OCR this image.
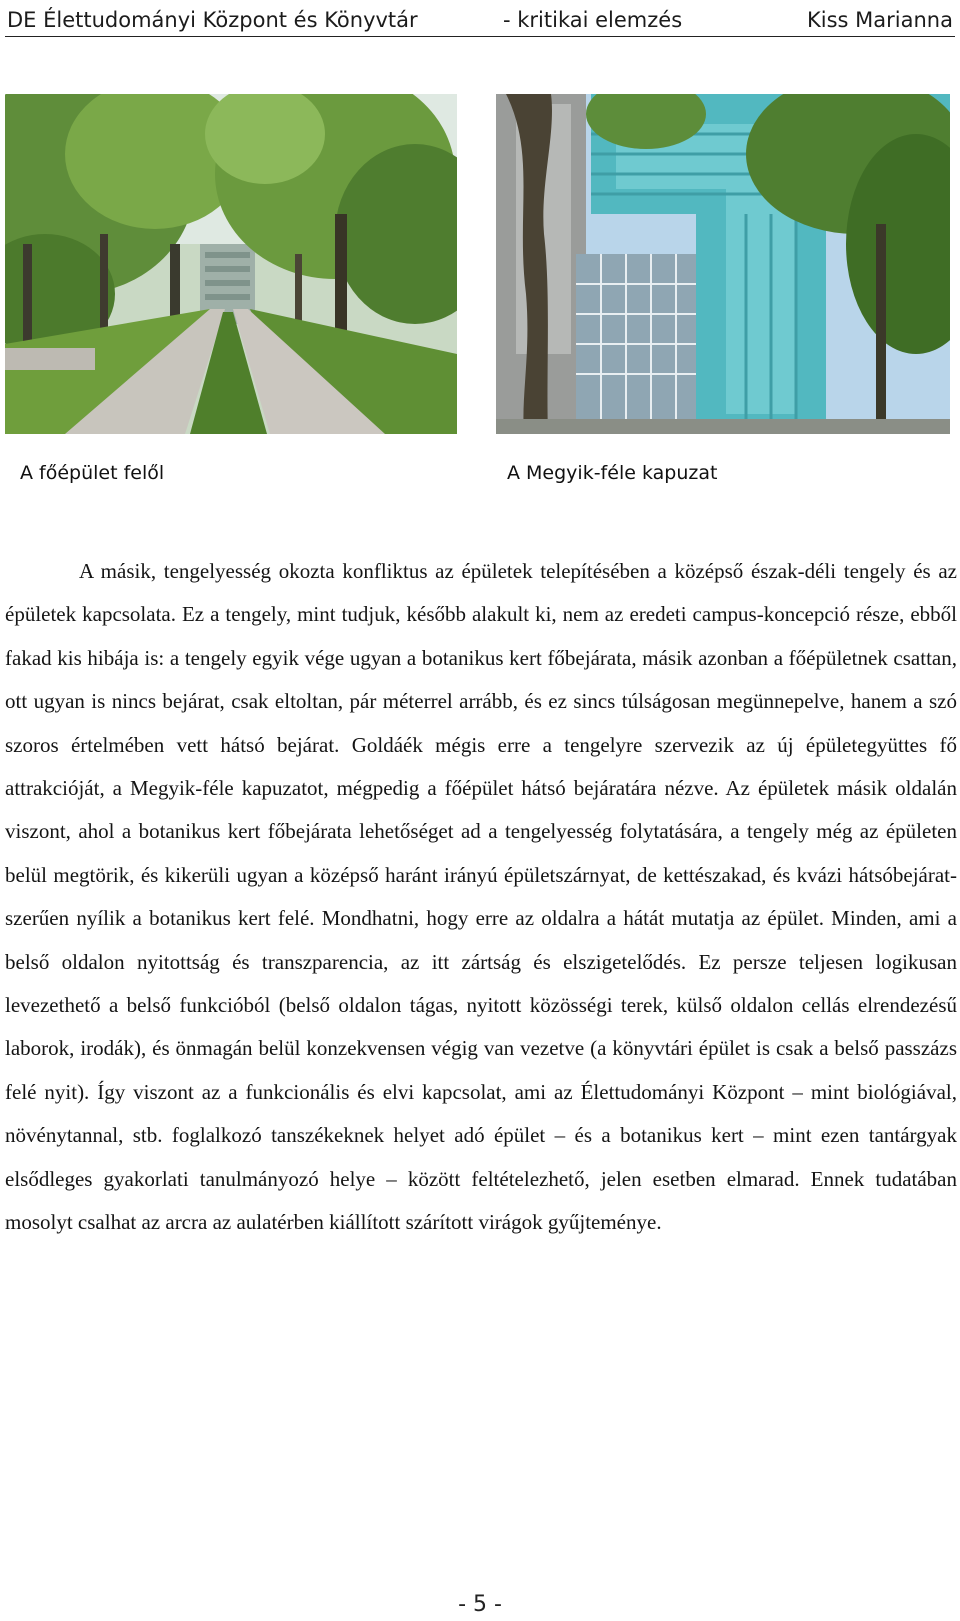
DE Élettudományi Központ és Könyvtár	- kritikai elemzés	Kiss Marianna
A főépület felől	A Megyik-féle kapuzat

A másik, tengelyesség okozta konfliktus az épületek telepítésében a középső észak-déli tengely és az épületek kapcsolata. Ez a tengely, mint tudjuk, később alakult ki, nem az eredeti campus-koncepció része, ebből fakad kis hibája is: a tengely egyik vége ugyan a botanikus kert főbejárata, másik azonban a főépületnek csattan, ott ugyan is nincs bejárat, csak eltoltan, pár méterrel arrább, és ez sincs túlságosan megünnepelve, hanem a szó szoros értelmében vett hátsó bejárat. Goldáék mégis erre a tengelyre szervezik az új épületegyüttes fő attrakcióját, a Megyik-féle kapuzatot, mégpedig a főépület hátsó bejáratára nézve. Az épületek másik oldalán viszont, ahol a botanikus kert főbejárata lehetőséget ad a tengelyesség folytatására, a tengely még az épületen belül megtörik, és kikerüli ugyan a középső haránt irányú épületszárnyat, de kettészakad, és kvázi hátsóbejárat-szerűen nyílik a botanikus kert felé. Mondhatni, hogy erre az oldalra a hátát mutatja az épület. Minden, ami a belső oldalon nyitottság és transzparencia, az itt zártság és elszigetelődés. Ez persze teljesen logikusan levezethető a belső funkcióból (belső oldalon tágas, nyitott közösségi terek, külső oldalon cellás elrendezésű laborok, irodák), és önmagán belül konzekvensen végig van vezetve (a könyvtári épület is csak a belső passzázs felé nyit). Így viszont az a funkcionális és elvi kapcsolat, ami az Élettudományi Központ – mint biológiával, növénytannal, stb. foglalkozó tanszékeknek helyet adó épület – és a botanikus kert – mint ezen tantárgyak elsődleges gyakorlati tanulmányozó helye – között feltételezhető, jelen esetben elmarad. Ennek tudatában mosolyt csalhat az arcra az aulatérben kiállított szárított virágok gyűjteménye.

- 5 -
